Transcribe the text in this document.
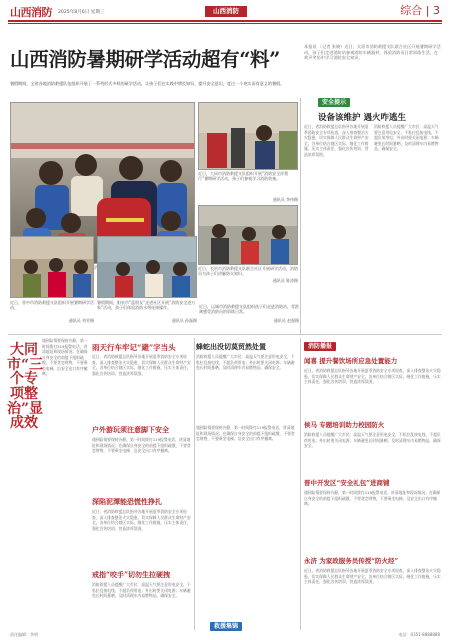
山西消防 2025年8月6日 星期三	山西消防	综合 | 3
山西消防暑期研学活动超有“料”
暑假期间，全省各地消防救援队伍组织开展了一系列形式多样的研学活动，让孩子们在实践中增长知识，提升安全意识，度过一个充实而有意义的暑假。
本报讯 （记者 张晓）近日，太原市消防救援支队联合社区开展暑期研学活动，孩子们走进消防站参观消防车辆器材，体验消防员日常训练生活，在欢声笑语中学习消防安全知识。
近日，大同市消防救援支队组织开展“消防安全伴我行”暑期研学活动，孩子们参观学习消防装备。
通讯员 李伟摄
近日，长治市消防救援支队联合社区开展研学活动，消防员为孩子们讲解防火知识。
通讯员 陈涛摄
近日，晋中市消防救援支队组织开展暑期研学活动。
通讯员 刘芳摄
暑假期间，阳泉市“蓝朋友”走进社区开展“消防安全进万家”活动，孩子们体验消防水带连接操作。
通讯员 孙磊摄
近日，运城市消防救援支队组织孩子们走进消防站，零距离感受消防员的训练日常。
通讯员 赵强摄
安全提示
设备该维护 遇火咋逃生
近日，省消防救援总队指导各地开展夏季消防安全专项检查，深入排查整治火灾隐患，切实保障人民群众生命财产安全。各单位结合辖区实际，细化工作措施，压实主体责任，强化宣传培训，营造浓厚氛围。
消防救援人员提醒广大市民：高温天气要注意用电安全，不私拉乱接电线，不超负荷用电；外出时要关闭电源；车辆避免长时间暴晒，及时清理车内易燃物品，确保安全。
大同市“三个专项整治”显成效
遇到险情要保持冷静，第一时间拨打119报警电话，讲清地址和现场情况；在确保自身安全的前提下组织疏散，不要贪恋财物，不要乘坐电梯，沿安全出口有序撤离。
雨天行车牢记“避”字当头
近日，省消防救援总队指导各地开展夏季消防安全专项检查，深入排查整治火灾隐患，切实保障人民群众生命财产安全。各单位结合辖区实际，细化工作措施，压实主体责任，强化宣传培训，营造浓厚氛围。
蜂蛇出没切莫贸然处置
消防救援人员提醒广大市民：高温天气要注意用电安全，不私拉乱接电线，不超负荷用电；外出时要关闭电源；车辆避免长时间暴晒，及时清理车内易燃物品，确保安全。
户外游玩须注意脚下安全
遇到险情要保持冷静，第一时间拨打119报警电话，讲清地址和现场情况；在确保自身安全的前提下组织疏散，不要贪恋财物，不要乘坐电梯，沿安全出口有序撤离。
深陷泥潭能恐慌性挣扎
近日，省消防救援总队指导各地开展夏季消防安全专项检查，深入排查整治火灾隐患，切实保障人民群众生命财产安全。各单位结合辖区实际，细化工作措施，压实主体责任，强化宣传培训，营造浓厚氛围。
戒指“咬手”切勿生拉硬拽
消防救援人员提醒广大市民：高温天气要注意用电安全，不私拉乱接电线，不超负荷用电；外出时要关闭电源；车辆避免长时间暴晒，及时清理车内易燃物品，确保安全。
遇到险情要保持冷静，第一时间拨打119报警电话，讲清地址和现场情况；在确保自身安全的前提下组织疏散，不要贪恋财物，不要乘坐电梯，沿安全出口有序撤离。
消防播报
闻喜 提升餐饮场所应急处置能力
近日，省消防救援总队指导各地开展夏季消防安全专项检查，深入排查整治火灾隐患，切实保障人民群众生命财产安全。各单位结合辖区实际，细化工作措施，压实主体责任，强化宣传培训，营造浓厚氛围。
侯马 专题培训助力校园防火
消防救援人员提醒广大市民：高温天气要注意用电安全，不私拉乱接电线，不超负荷用电；外出时要关闭电源；车辆避免长时间暴晒，及时清理车内易燃物品，确保安全。
晋中开发区“安全礼包”进商铺
遇到险情要保持冷静，第一时间拨打119报警电话，讲清地址和现场情况；在确保自身安全的前提下组织疏散，不要贪恋财物，不要乘坐电梯，沿安全出口有序撤离。
永济 为家政服务员传授“防火经”
近日，省消防救援总队指导各地开展夏季消防安全专项检查，深入排查整治火灾隐患，切实保障人民群众生命财产安全。各单位结合辖区实际，细化工作措施，压实主体责任，强化宣传培训，营造浓厚氛围。
救援集锦
责任编辑：李明	电话：0351-8888888
